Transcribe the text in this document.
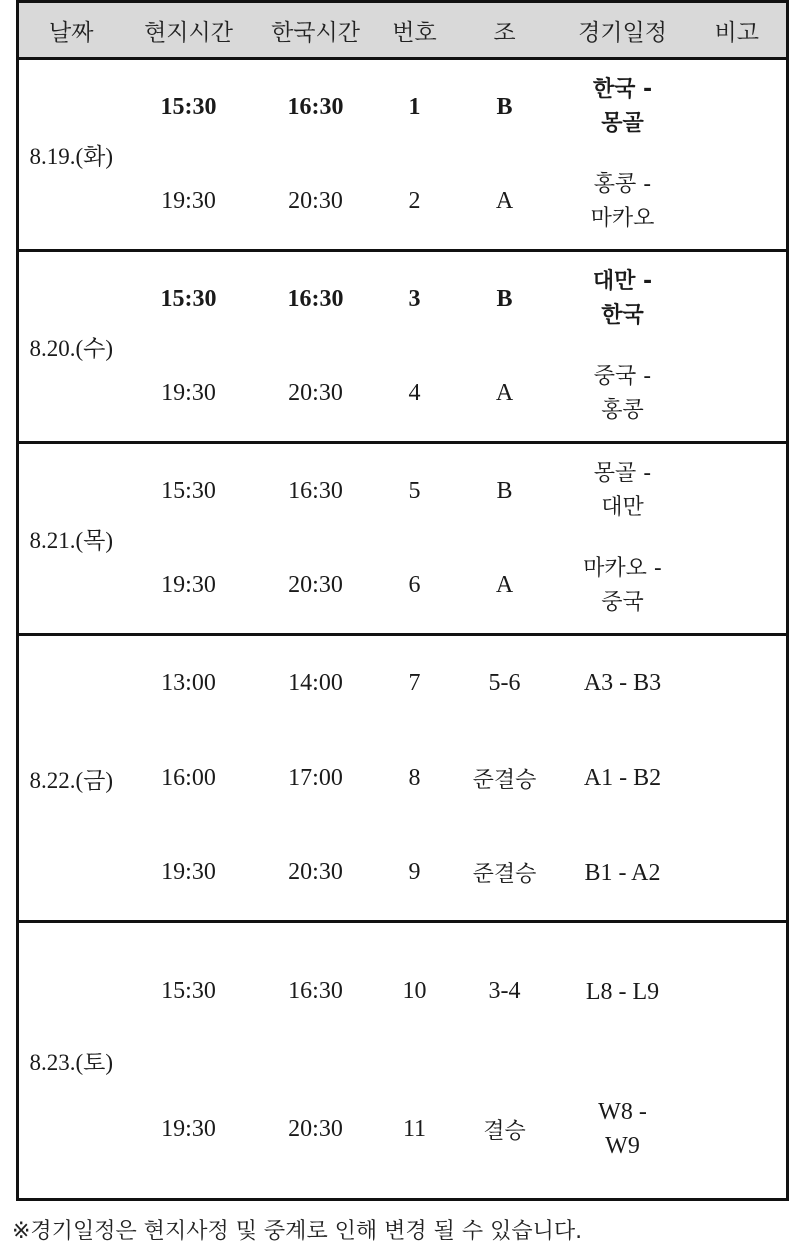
날짜	현지시간	한국시간	번호	조	경기일정	비고
8.19.(화)	15:30	16:30	1	B	한국 -
몽골	

	19:30	20:30	2	A	홍콩 -
마카오	

8.20.(수)	15:30	16:30	3	B	대만 -
한국	

	19:30	20:30	4	A	중국 -
홍콩	

8.21.(목)	15:30	16:30	5	B	몽골 -
대만	

	19:30	20:30	6	A	마카오 -
중국	

8.22.(금)	13:00	14:00	7	5-6	A3 - B3	

	16:00	17:00	8	준결승	A1 - B2	

	19:30	20:30	9	준결승	B1 - A2	

8.23.(토)	15:30	16:30	10	3-4	L8 - L9	

	19:30	20:30	11	결승	W8 -
W9	

※경기일정은 현지사정 및 중계로 인해 변경 될 수 있습니다.
